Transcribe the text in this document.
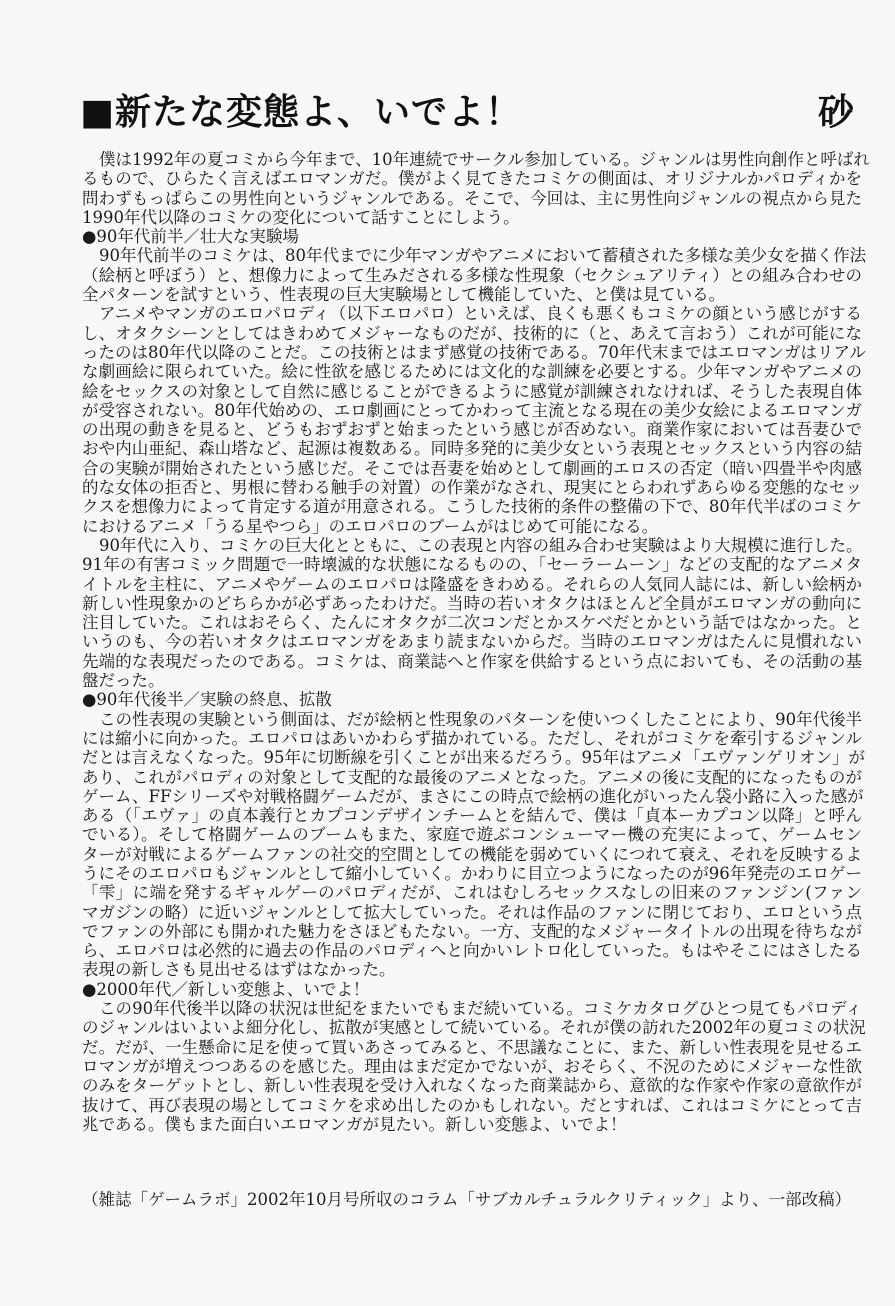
■新たな変態よ、いでよ！	砂
僕は1992年の夏コミから今年まで、10年連続でサークル参加している。ジャンルは男性向創作と呼ばれ
るもので、ひらたく言えばエロマンガだ。僕がよく見てきたコミケの側面は、オリジナルかパロディかを
問わずもっぱらこの男性向というジャンルである。そこで、今回は、主に男性向ジャンルの視点から見た
1990年代以降のコミケの変化について話すことにしよう。
●90年代前半／壮大な実験場
90年代前半のコミケは、80年代までに少年マンガやアニメにおいて蓄積された多様な美少女を描く作法
（絵柄と呼ぼう）と、想像力によって生みだされる多様な性現象（セクシュアリティ）との組み合わせの
全パターンを試すという、性表現の巨大実験場として機能していた、と僕は見ている。
アニメやマンガのエロパロディ（以下エロパロ）といえば、良くも悪くもコミケの顔という感じがする
し、オタクシーンとしてはきわめてメジャーなものだが、技術的に（と、あえて言おう）これが可能にな
ったのは80年代以降のことだ。この技術とはまず感覚の技術である。70年代末まではエロマンガはリアル
な劇画絵に限られていた。絵に性欲を感じるためには文化的な訓練を必要とする。少年マンガやアニメの
絵をセックスの対象として自然に感じることができるように感覚が訓練されなければ、そうした表現自体
が受容されない。80年代始めの、エロ劇画にとってかわって主流となる現在の美少女絵によるエロマンガ
の出現の動きを見ると、どうもおずおずと始まったという感じが否めない。商業作家においては吾妻ひで
おや内山亜紀、森山塔など、起源は複数ある。同時多発的に美少女という表現とセックスという内容の結
合の実験が開始されたという感じだ。そこでは吾妻を始めとして劇画的エロスの否定（暗い四畳半や肉感
的な女体の拒否と、男根に替わる触手の対置）の作業がなされ、現実にとらわれずあらゆる変態的なセッ
クスを想像力によって肯定する道が用意される。こうした技術的条件の整備の下で、80年代半ばのコミケ
におけるアニメ「うる星やつら」のエロパロのブームがはじめて可能になる。
90年代に入り、コミケの巨大化とともに、この表現と内容の組み合わせ実験はより大規模に進行した。
91年の有害コミック問題で一時壊滅的な状態になるものの、「セーラームーン」などの支配的なアニメタ
イトルを主柱に、アニメやゲームのエロパロは隆盛をきわめる。それらの人気同人誌には、新しい絵柄か
新しい性現象かのどちらかが必ずあったわけだ。当時の若いオタクはほとんど全員がエロマンガの動向に
注目していた。これはおそらく、たんにオタクが二次コンだとかスケベだとかという話ではなかった。と
いうのも、今の若いオタクはエロマンガをあまり読まないからだ。当時のエロマンガはたんに見慣れない
先端的な表現だったのである。コミケは、商業誌へと作家を供給するという点においても、その活動の基
盤だった。
●90年代後半／実験の終息、拡散
この性表現の実験という側面は、だが絵柄と性現象のパターンを使いつくしたことにより、90年代後半
には縮小に向かった。エロパロはあいかわらず描かれている。ただし、それがコミケを牽引するジャンル
だとは言えなくなった。95年に切断線を引くことが出来るだろう。95年はアニメ「エヴァンゲリオン」が
あり、これがパロディの対象として支配的な最後のアニメとなった。アニメの後に支配的になったものが
ゲーム、FFシリーズや対戦格闘ゲームだが、まさにこの時点で絵柄の進化がいったん袋小路に入った感が
ある（「エヴァ」の貞本義行とカプコンデザインチームとを結んで、僕は「貞本ーカプコン以降」と呼ん
でいる）。そして格闘ゲームのブームもまた、家庭で遊ぶコンシューマー機の充実によって、ゲームセン
ターが対戦によるゲームファンの社交的空間としての機能を弱めていくにつれて衰え、それを反映するよ
うにそのエロパロもジャンルとして縮小していく。かわりに目立つようになったのが96年発売のエロゲー
「雫」に端を発するギャルゲーのパロディだが、これはむしろセックスなしの旧来のファンジン(ファン
マガジンの略）に近いジャンルとして拡大していった。それは作品のファンに閉じており、エロという点
でファンの外部にも開かれた魅力をさほどもたない。一方、支配的なメジャータイトルの出現を待ちなが
ら、エロパロは必然的に過去の作品のパロディへと向かいレトロ化していった。もはやそこにはさしたる
表現の新しさも見出せるはずはなかった。
●2000年代／新しい変態よ、いでよ！
この90年代後半以降の状況は世紀をまたいでもまだ続いている。コミケカタログひとつ見てもパロディ
のジャンルはいよいよ細分化し、拡散が実感として続いている。それが僕の訪れた2002年の夏コミの状況
だ。だが、一生懸命に足を使って買いあさってみると、不思議なことに、また、新しい性表現を見せるエ
ロマンガが増えつつあるのを感じた。理由はまだ定かでないが、おそらく、不況のためにメジャーな性欲
のみをターゲットとし、新しい性表現を受け入れなくなった商業誌から、意欲的な作家や作家の意欲作が
抜けて、再び表現の場としてコミケを求め出したのかもしれない。だとすれば、これはコミケにとって吉
兆である。僕もまた面白いエロマンガが見たい。新しい変態よ、いでよ！
（雑誌「ゲームラボ」2002年10月号所収のコラム「サブカルチュラルクリティック」より、一部改稿）
